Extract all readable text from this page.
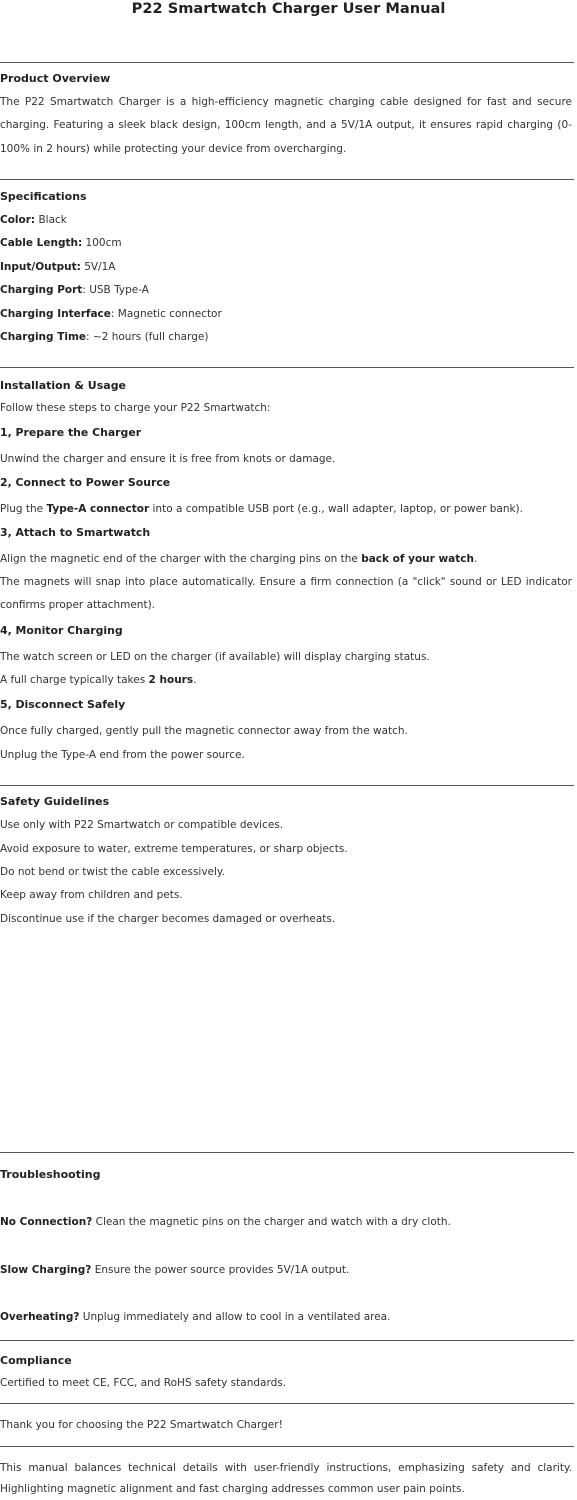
P22 Smartwatch Charger User Manual
Product Overview
The P22 Smartwatch Charger is a high-efficiency magnetic charging cable designed for fast and secure charging. Featuring a sleek black design, 100cm length, and a 5V/1A output, it ensures rapid charging (0-100% in 2 hours) while protecting your device from overcharging.
Specifications
Color: Black
Cable Length: 100cm
Input/Output: 5V/1A
Charging Port: USB Type-A
Charging Interface: Magnetic connector
Charging Time: ~2 hours (full charge)
Installation & Usage
Follow these steps to charge your P22 Smartwatch:
1, Prepare the Charger
Unwind the charger and ensure it is free from knots or damage.
2, Connect to Power Source
Plug the Type-A connector into a compatible USB port (e.g., wall adapter, laptop, or power bank).
3, Attach to Smartwatch
Align the magnetic end of the charger with the charging pins on the back of your watch.
The magnets will snap into place automatically. Ensure a firm connection (a "click" sound or LED indicator confirms proper attachment).
4, Monitor Charging
The watch screen or LED on the charger (if available) will display charging status.
A full charge typically takes 2 hours.
5, Disconnect Safely
Once fully charged, gently pull the magnetic connector away from the watch.
Unplug the Type-A end from the power source.
Safety Guidelines
Use only with P22 Smartwatch or compatible devices.
Avoid exposure to water, extreme temperatures, or sharp objects.
Do not bend or twist the cable excessively.
Keep away from children and pets.
Discontinue use if the charger becomes damaged or overheats.
Troubleshooting
No Connection? Clean the magnetic pins on the charger and watch with a dry cloth.
Slow Charging? Ensure the power source provides 5V/1A output.
Overheating? Unplug immediately and allow to cool in a ventilated area.
Compliance
Certified to meet CE, FCC, and RoHS safety standards.
Thank you for choosing the P22 Smartwatch Charger!
This manual balances technical details with user-friendly instructions, emphasizing safety and clarity. Highlighting magnetic alignment and fast charging addresses common user pain points.
